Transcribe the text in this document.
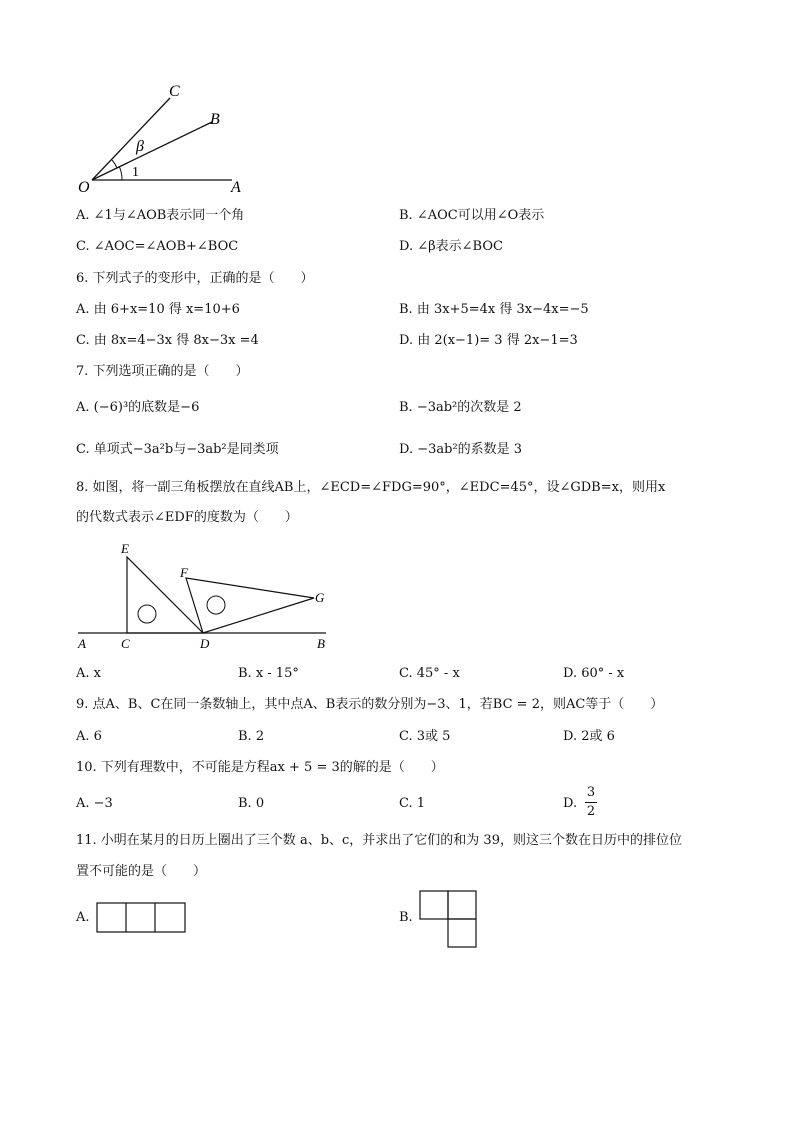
C
B
O	A
β
1
A. ∠1与∠AOB表示同一个角	B. ∠AOC可以用∠O表示
C. ∠AOC=∠AOB+∠BOC	D. ∠β表示∠BOC
6. 下列式子的变形中，正确的是（　　）
A. 由 6+x=10 得 x=10+6	B. 由 3x+5=4x 得 3x−4x=−5
C. 由 8x=4−3x 得 8x−3x =4	D. 由 2(x−1)= 3 得 2x−1=3
7. 下列选项正确的是（　　）
A. (−6)³的底数是−6	B. −3ab²的次数是 2
C. 单项式−3a²b与−3ab²是同类项	D. −3ab²的系数是 3
8. 如图，将一副三角板摆放在直线AB上，∠ECD=∠FDG=90°，∠EDC=45°，设∠GDB=x，则用x
的代数式表示∠EDF的度数为（　　）
E
F
G
A	C	D	B
A. x	B. x - 15°	C. 45° - x	D. 60° - x
9. 点A、B、C在同一条数轴上，其中点A、B表示的数分别为−3、1，若BC = 2，则AC等于（　　）
A. 6	B. 2	C. 3或 5	D. 2或 6
10. 下列有理数中，不可能是方程ax + 5 = 3的解的是（　　）
A. −3	B. 0	C. 1	D.
3
2
11. 小明在某月的日历上圈出了三个数 a、b、c，并求出了它们的和为 39，则这三个数在日历中的排位位
置不可能的是（　　）
A.	B.
